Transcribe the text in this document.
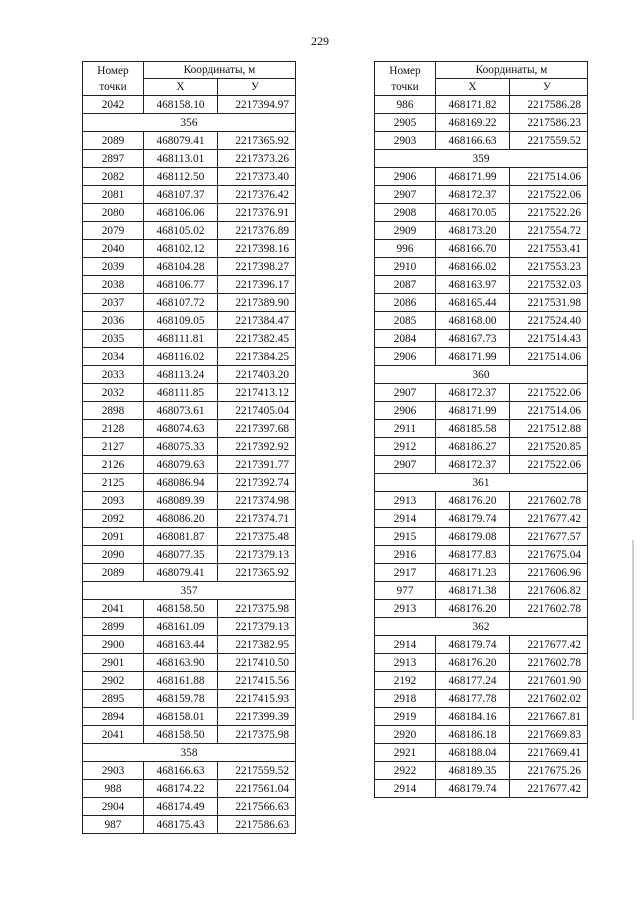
229
Номер
точки	Координаты, м	
	X	У
2042	468158.10	2217394.97
356		
2089	468079.41	2217365.92
2897	468113.01	2217373.26
2082	468112.50	2217373.40
2081	468107.37	2217376.42
2080	468106.06	2217376.91
2079	468105.02	2217376.89
2040	468102.12	2217398.16
2039	468104.28	2217398.27
2038	468106.77	2217396.17
2037	468107.72	2217389.90
2036	468109.05	2217384.47
2035	468111.81	2217382.45
2034	468116.02	2217384.25
2033	468113.24	2217403.20
2032	468111.85	2217413.12
2898	468073.61	2217405.04
2128	468074.63	2217397.68
2127	468075.33	2217392.92
2126	468079.63	2217391.77
2125	468086.94	2217392.74
2093	468089.39	2217374.98
2092	468086.20	2217374.71
2091	468081.87	2217375.48
2090	468077.35	2217379.13
2089	468079.41	2217365.92
357		
2041	468158.50	2217375.98
2899	468161.09	2217379.13
2900	468163.44	2217382.95
2901	468163.90	2217410.50
2902	468161.88	2217415.56
2895	468159.78	2217415.93
2894	468158.01	2217399.39
2041	468158.50	2217375.98
358		
2903	468166.63	2217559.52
988	468174.22	2217561.04
2904	468174.49	2217566.63
987	468175.43	2217586.63
Номер
точки	Координаты, м	
	X	У
986	468171.82	2217586.28
2905	468169.22	2217586.23
2903	468166.63	2217559.52
359		
2906	468171.99	2217514.06
2907	468172.37	2217522.06
2908	468170.05	2217522.26
2909	468173.20	2217554.72
996	468166.70	2217553.41
2910	468166.02	2217553.23
2087	468163.97	2217532.03
2086	468165.44	2217531.98
2085	468168.00	2217524.40
2084	468167.73	2217514.43
2906	468171.99	2217514.06
360		
2907	468172.37	2217522.06
2906	468171.99	2217514.06
2911	468185.58	2217512.88
2912	468186.27	2217520.85
2907	468172.37	2217522.06
361		
2913	468176.20	2217602.78
2914	468179.74	2217677.42
2915	468179.08	2217677.57
2916	468177.83	2217675.04
2917	468171.23	2217606.96
977	468171.38	2217606.82
2913	468176.20	2217602.78
362		
2914	468179.74	2217677.42
2913	468176.20	2217602.78
2192	468177.24	2217601.90
2918	468177.78	2217602.02
2919	468184.16	2217667.81
2920	468186.18	2217669.83
2921	468188.04	2217669.41
2922	468189.35	2217675.26
2914	468179.74	2217677.42
